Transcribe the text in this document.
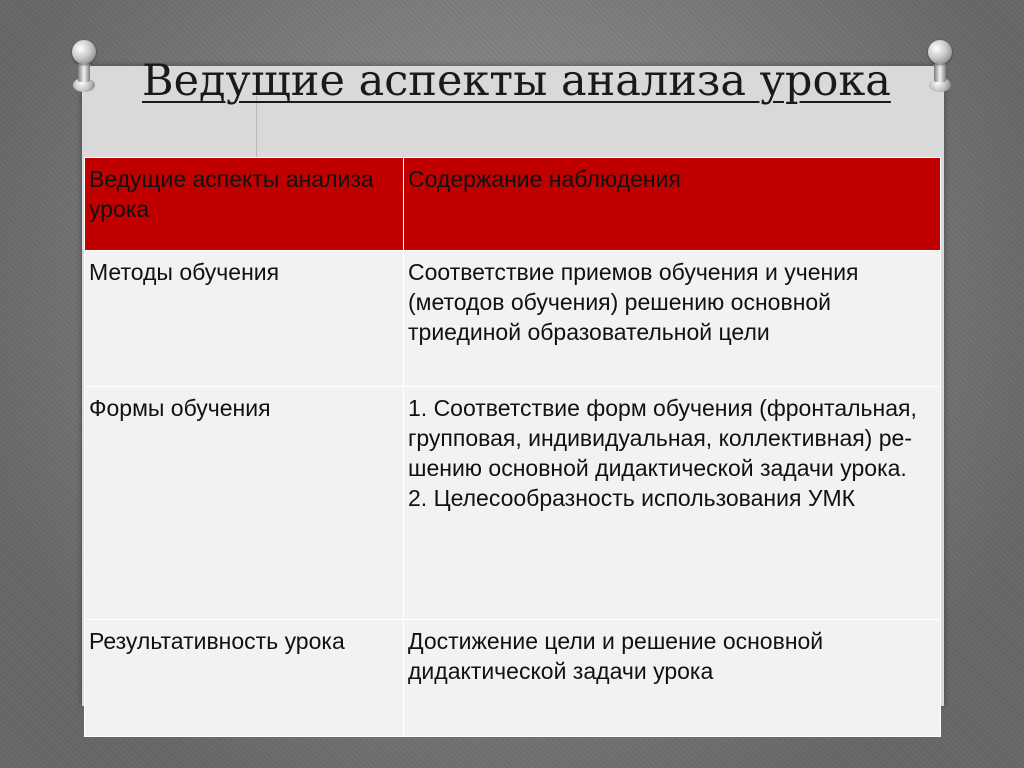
Ведущие аспекты анализа урока
Ведущие аспекты анализа урока	Содержание наблюдения
Методы обучения	Соответствие приемов обучения и учения (методов обучения) решению основной триединой образовательной цели
Формы обучения	1. Соответствие форм обучения (фронтальная, групповая, индивидуальная, коллективная) ре-
шению основной дидактической задачи урока.
2. Целесообразность использования УМК
Результативность урока	Достижение цели и решение основной дидактической задачи урока
